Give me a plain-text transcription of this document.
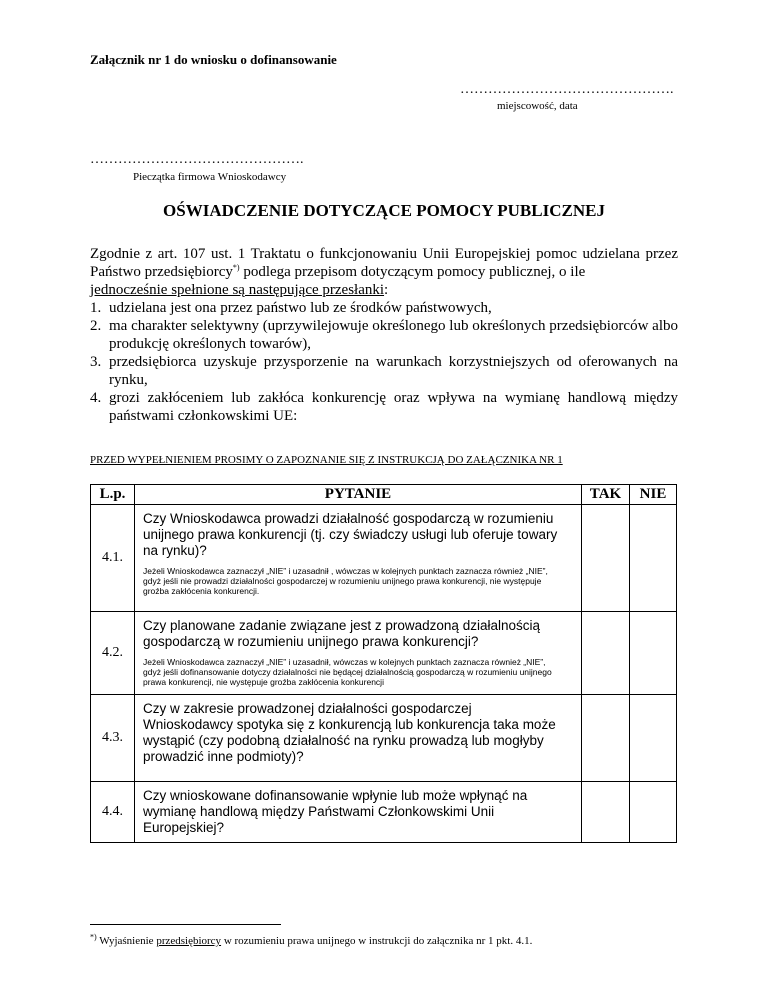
Załącznik nr 1 do wniosku o dofinansowanie
……………………………………….
miejscowość, data
……………………………………….
Pieczątka firmowa Wnioskodawcy
OŚWIADCZENIE DOTYCZĄCE POMOCY PUBLICZNEJ

Zgodnie z art. 107 ust. 1 Traktatu o funkcjonowaniu Unii Europejskiej pomoc udzielana przez Państwo przedsiębiorcy*) podlega przepisom dotyczącym pomocy publicznej, o ile
jednocześnie spełnione są następujące przesłanki:

1. udzielana jest ona przez państwo lub ze środków państwowych,
2. ma charakter selektywny (uprzywilejowuje określonego lub określonych przedsiębiorców albo produkcję określonych towarów),
3. przedsiębiorca uzyskuje przysporzenie na warunkach korzystniejszych od oferowanych na rynku,
4. grozi zakłóceniem lub zakłóca konkurencję oraz wpływa na wymianę handlową między państwami członkowskimi UE:
PRZED WYPEŁNIENIEM PROSIMY O ZAPOZNANIE SIĘ Z INSTRUKCJĄ DO ZAŁĄCZNIKA NR 1
L.p.	PYTANIE	TAK	NIE
4.1.	Czy Wnioskodawca prowadzi działalność gospodarczą w rozumieniu unijnego prawa konkurencji (tj. czy świadczy usługi lub oferuje towary na rynku)?
Jeżeli Wnioskodawca zaznaczył „NIE” i uzasadnił , wówczas w kolejnych punktach zaznacza również „NIE”, gdyż jeśli nie prowadzi działalności gospodarczej w rozumieniu unijnego prawa konkurencji, nie występuje groźba zakłócenia konkurencji.		

4.2.	Czy planowane zadanie związane jest z prowadzoną działalnością gospodarczą w rozumieniu unijnego prawa konkurencji?
Jeżeli Wnioskodawca zaznaczył „NIE” i uzasadnił, wówczas w kolejnych punktach zaznacza również „NIE”, gdyż jeśli dofinansowanie dotyczy działalności nie będącej działalnością gospodarczą w rozumieniu unijnego prawa konkurencji, nie występuje groźba zakłócenia konkurencji		

4.3.	Czy w zakresie prowadzonej działalności gospodarczej Wnioskodawcy spotyka się z konkurencją lub konkurencja taka może wystąpić (czy podobną działalność na rynku prowadzą lub mogłyby prowadzić inne podmioty)?		

4.4.	Czy wnioskowane dofinansowanie wpłynie lub może wpłynąć na wymianę handlową między Państwami Członkowskimi Unii Europejskiej?		

*) Wyjaśnienie przedsiębiorcy w rozumieniu prawa unijnego w instrukcji do załącznika nr 1 pkt. 4.1.
